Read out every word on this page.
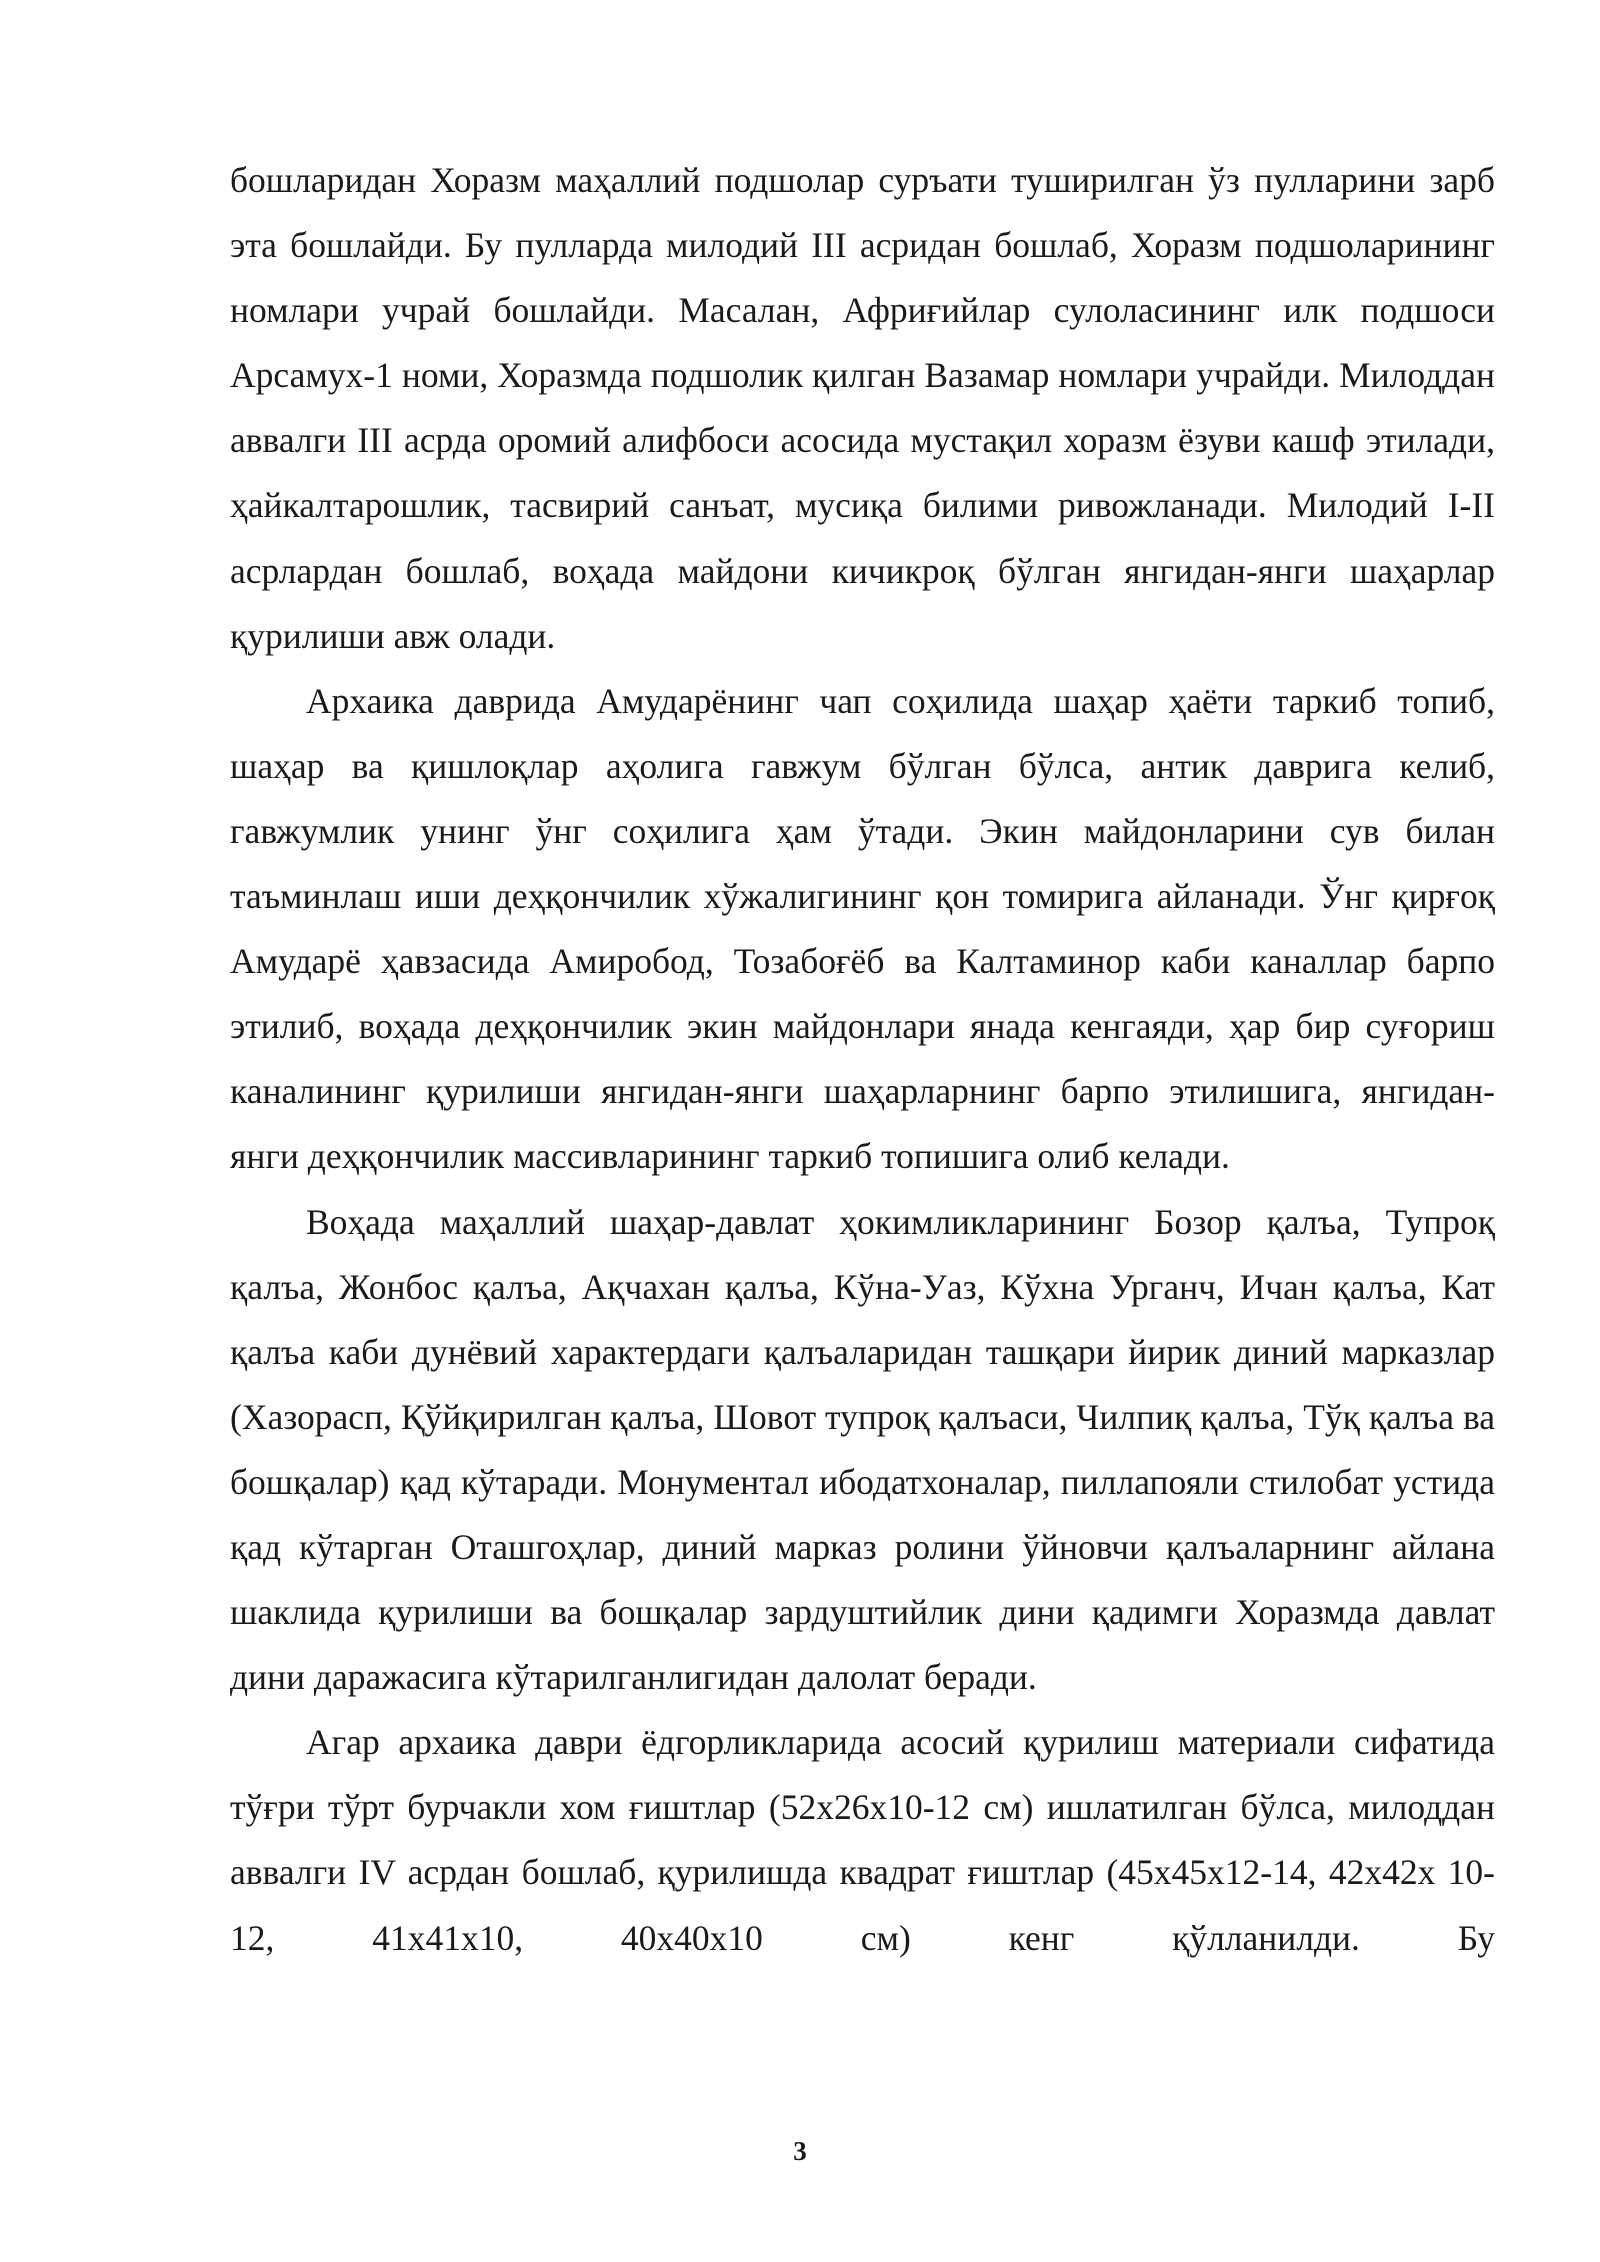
бошларидан Хоразм маҳаллий подшолар суръати туширилган ўз пулларини зарб эта бошлайди. Бу пулларда милодий III асридан бошлаб, Хоразм подшоларининг номлари учрай бошлайди. Масалан, Африғийлар сулоласининг илк подшоси Арсамух-1 номи, Хоразмда подшолик қилган Вазамар номлари учрайди. Милоддан аввалги III асрда оромий алифбоси асосида мустақил хоразм ёзуви кашф этилади, ҳайкалтарошлик, тасвирий санъат, мусиқа билими ривожланади. Милодий I-II асрлардан бошлаб, воҳада майдони кичикроқ бўлган янгидан-янги шаҳарлар қурилиши авж олади.

Архаика даврида Амударёнинг чап соҳилида шаҳар ҳаёти таркиб топиб, шаҳар ва қишлоқлар аҳолига гавжум бўлган бўлса, антик даврига келиб, гавжумлик унинг ўнг соҳилига ҳам ўтади. Экин майдонларини сув билан таъминлаш иши деҳқончилик хўжалигининг қон томирига айланади. Ўнг қирғоқ Амударё ҳавзасида Амиробод, Тозабоғёб ва Калтаминор каби каналлар барпо этилиб, воҳада деҳқончилик экин майдонлари янада кенгаяди, ҳар бир суғориш каналининг қурилиши янгидан-янги шаҳарларнинг барпо этилишига, янгидан-янги деҳқончилик массивларининг таркиб топишига олиб келади.

Воҳада маҳаллий шаҳар-давлат ҳокимликларининг Бозор қалъа, Тупроқ қалъа, Жонбос қалъа, Ақчахан қалъа, Кўна-Уаз, Кўхна Урганч, Ичан қалъа, Кат қалъа каби дунёвий характердаги қалъаларидан ташқари йирик диний марказлар (Хазорасп, Қўйқирилган қалъа, Шовот тупроқ қалъаси, Чилпиқ қалъа, Тўқ қалъа ва бошқалар) қад кўтаради. Монументал ибодатхоналар, пиллапояли стилобат устида қад кўтарган Оташгоҳлар, диний марказ ролини ўйновчи қалъаларнинг айлана шаклида қурилиши ва бошқалар зардуштийлик дини қадимги Хоразмда давлат дини даражасига кўтарилганлигидан далолат беради.

Агар архаика даври ёдгорликларида асосий қурилиш материали сифатида тўғри тўрт бурчакли хом ғиштлар (52х26х10-12 см) ишлатилган бўлса, милоддан аввалги IV асрдан бошлаб, қурилишда квадрат ғиштлар (45х45х12-14, 42х42х 10-12, 41х41х10, 40х40х10 см) кенг қўлланилди. Бу

3
